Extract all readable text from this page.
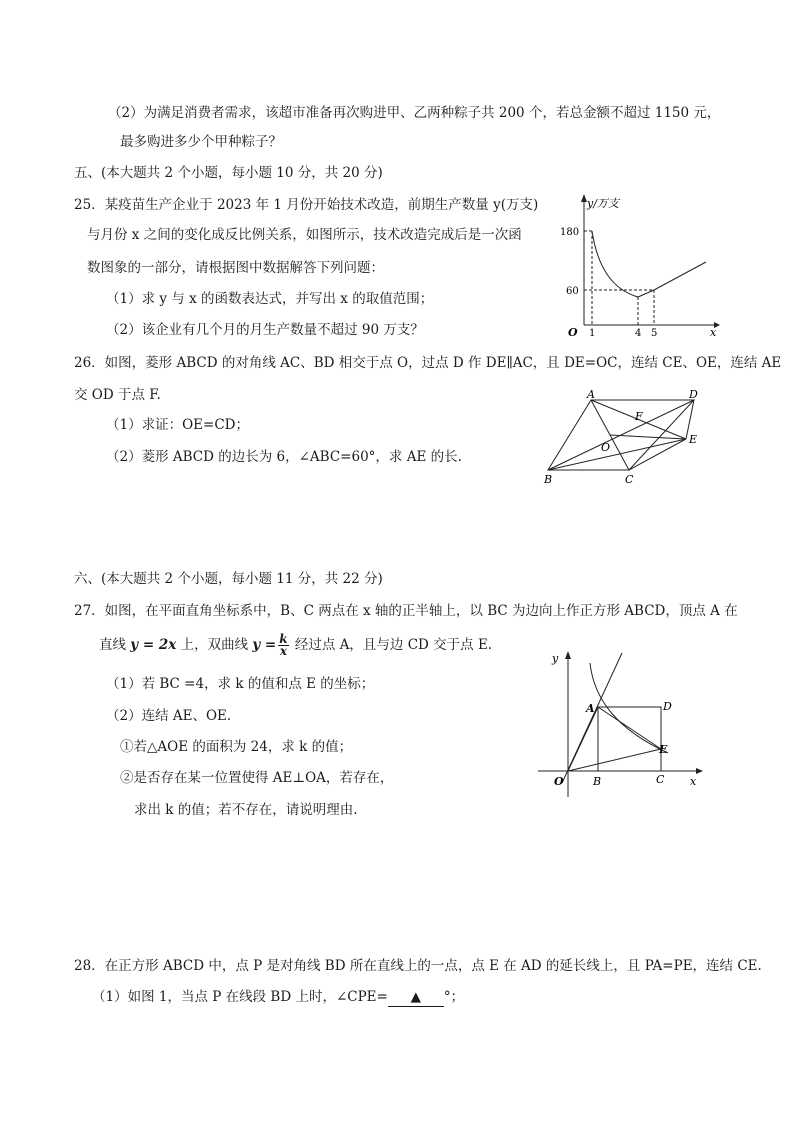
（2）为满足消费者需求，该超市准备再次购进甲、乙两种粽子共 200 个，若总金额不超过 1150 元，
最多购进多少个甲种粽子？
五、(本大题共 2 个小题，每小题 10 分，共 20 分)
25．某疫苗生产企业于 2023 年 1 月份开始技术改造，前期生产数量 y(万支)
与月份 x 之间的变化成反比例关系，如图所示，技术改造完成后是一次函
数图象的一部分，请根据图中数据解答下列问题：
（1）求 y 与 x 的函数表达式，并写出 x 的取值范围；
（2）该企业有几个月的月生产数量不超过 90 万支？
y/万支
180
60
O 1	4 5	x
26．如图，菱形 ABCD 的对角线 AC、BD 相交于点 O，过点 D 作 DE∥AC，且 DE=OC，连结 CE、OE，连结 AE
交 OD 于点 F.
（1）求证：OE=CD；
（2）菱形 ABCD 的边长为 6，∠ABC=60°，求 AE 的长.
A	D
F
O
E
B	C
六、(本大题共 2 个小题，每小题 11 分，共 22 分)
27．如图，在平面直角坐标系中，B、C 两点在 x 轴的正半轴上，以 BC 为边向上作正方形 ABCD，顶点 A 在
直线 y = 2x 上，双曲线 $y = \frac{k}{x}$ 经过点 A，且与边 CD 交于点 E.
（1）若 BC =4，求 k 的值和点 E 的坐标；
（2）连结 AE、OE.
①若△AOE 的面积为 24，求 k 的值；
②是否存在某一位置使得 AE⊥OA，若存在，
求出 k 的值；若不存在，请说明理由.
y
A	D
E
O	B	C x
28．在正方形 ABCD 中，点 P 是对角线 BD 所在直线上的一点，点 E 在 AD 的延长线上，且 PA=PE，连结 CE.
（1）如图 1，当点 P 在线段 BD 上时，∠CPE= ▲ °；
